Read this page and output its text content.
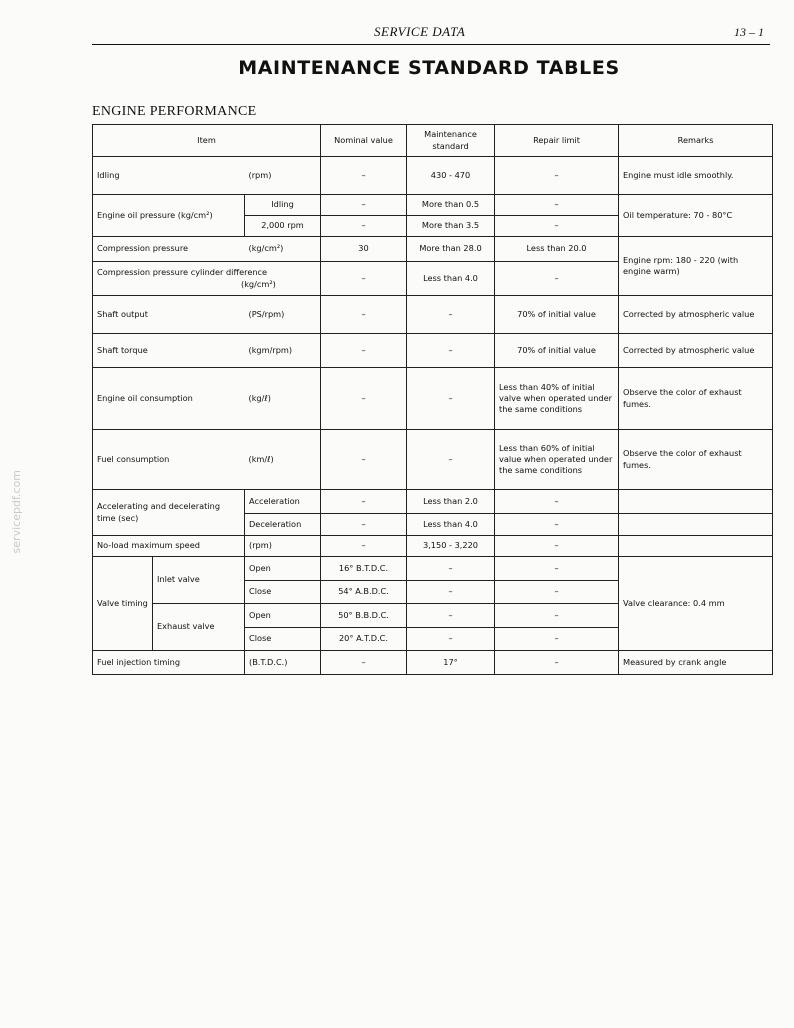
SERVICE DATA	13 – 1
MAINTENANCE STANDARD TABLES
ENGINE PERFORMANCE
servicepdf.com
Item			Nominal value	Maintenance standard	Repair limit	Remarks
Idling		(rpm)	–	430 - 470	–	Engine must idle smoothly.
Engine oil pressure (kg/cm²)		Idling	–	More than 0.5	–	Oil temperature: 70 - 80°C
		2,000 rpm	–	More than 3.5	–	
Compression pressure		(kg/cm²)	30	More than 28.0	Less than 20.0	Engine rpm: 180 - 220 (with engine warm)

Compression pressure cylinder difference
(kg/cm²)			–	Less than 4.0	–	
Shaft output		(PS/rpm)	–	–	70% of initial value	Corrected by atmospheric value
Shaft torque		(kgm/rpm)	–	–	70% of initial value	Corrected by atmospheric value
Engine oil consumption		(kg/ℓ)	–	–	Less than 40% of initial valve when operated under the same conditions	Observe the color of exhaust fumes.
Fuel consumption		(km/ℓ)	–	–	Less than 60% of initial value when operated under the same conditions	Observe the color of exhaust fumes.
Accelerating and decelerating time (sec)		Acceleration	–	Less than 2.0	–	
		Deceleration	–	Less than 4.0	–	
No-load maximum speed		(rpm)	–	3,150 - 3,220	–	
Valve timing	Inlet valve	Open	16° B.T.D.C.	–	–	Valve clearance: 0.4 mm
		Close	54° A.B.D.C.	–	–	
	Exhaust valve	Open	50° B.B.D.C.	–	–	
		Close	20° A.T.D.C.	–	–	
Fuel injection timing		(B.T.D.C.)	–	17°	–	Measured by crank angle
